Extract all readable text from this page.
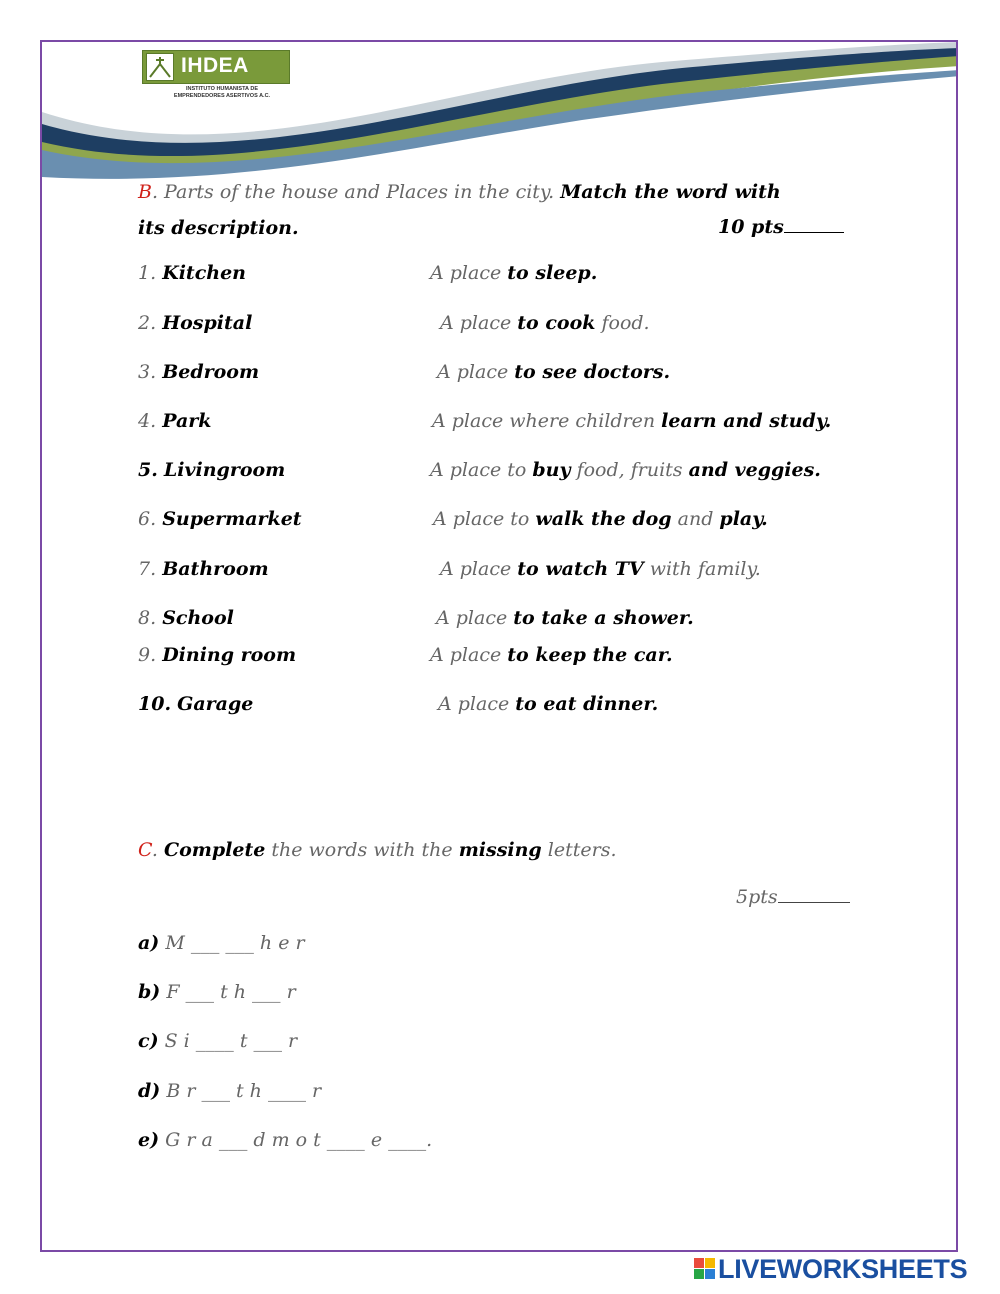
IHDEA
INSTITUTO HUMANISTA DE
EMPRENDEDORES ASERTIVOS A.C.
B. Parts of the house and Places in the city. Match the word with
its description.	10 pts
1. Kitchen	A place to sleep.
2. Hospital	A place to cook food.
3. Bedroom	A place to see doctors.
4. Park	A place where children learn and study.
5. Livingroom	A place to buy food, fruits and veggies.
6. Supermarket	A place to walk the dog and play.
7. Bathroom	A place to watch TV with family.
8. School	A place to take a shower.
9. Dining room	A place to keep the car.
10. Garage	A place to eat dinner.
C. Complete the words with the missing letters.
5pts
a) M ___ ___ h e r
b) F ___ t h ___ r
c) S i ____ t ___ r
d) B r ___ t h ____ r
e) G r a ___ d m o t ____ e ____.
LIVEWORKSHEETS
